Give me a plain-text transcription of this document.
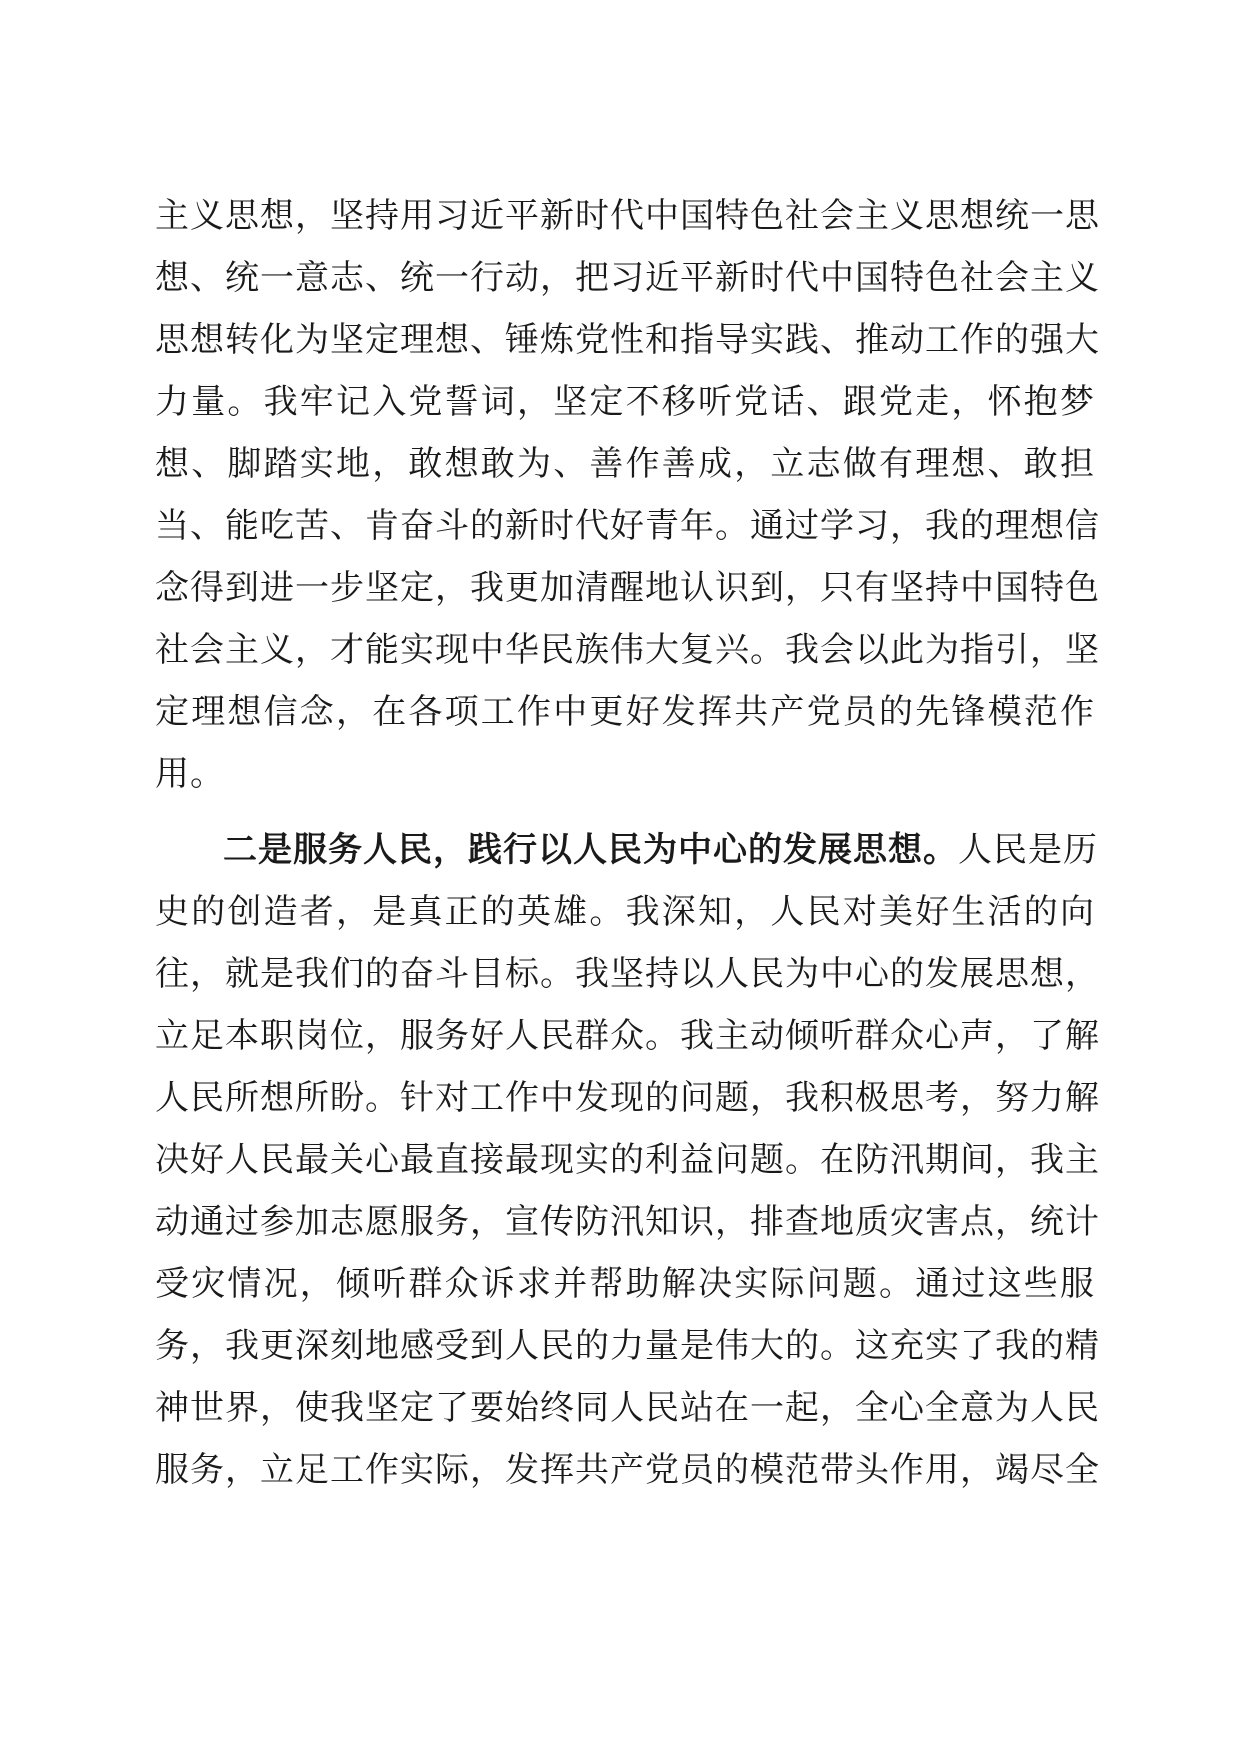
主义思想，坚持用习近平新时代中国特色社会主义思想统一思
想、统一意志、统一行动，把习近平新时代中国特色社会主义
思想转化为坚定理想、锤炼党性和指导实践、推动工作的强大
力量。我牢记入党誓词，坚定不移听党话、跟党走，怀抱梦
想、脚踏实地，敢想敢为、善作善成，立志做有理想、敢担
当、能吃苦、肯奋斗的新时代好青年。通过学习，我的理想信
念得到进一步坚定，我更加清醒地认识到，只有坚持中国特色
社会主义，才能实现中华民族伟大复兴。我会以此为指引，坚
定理想信念，在各项工作中更好发挥共产党员的先锋模范作
用。
二是服务人民，践行以人民为中心的发展思想。人民是历
史的创造者，是真正的英雄。我深知，人民对美好生活的向
往，就是我们的奋斗目标。我坚持以人民为中心的发展思想，
立足本职岗位，服务好人民群众。我主动倾听群众心声，了解
人民所想所盼。针对工作中发现的问题，我积极思考，努力解
决好人民最关心最直接最现实的利益问题。在防汛期间，我主
动通过参加志愿服务，宣传防汛知识，排查地质灾害点，统计
受灾情况，倾听群众诉求并帮助解决实际问题。通过这些服
务，我更深刻地感受到人民的力量是伟大的。这充实了我的精
神世界，使我坚定了要始终同人民站在一起，全心全意为人民
服务，立足工作实际，发挥共产党员的模范带头作用，竭尽全
